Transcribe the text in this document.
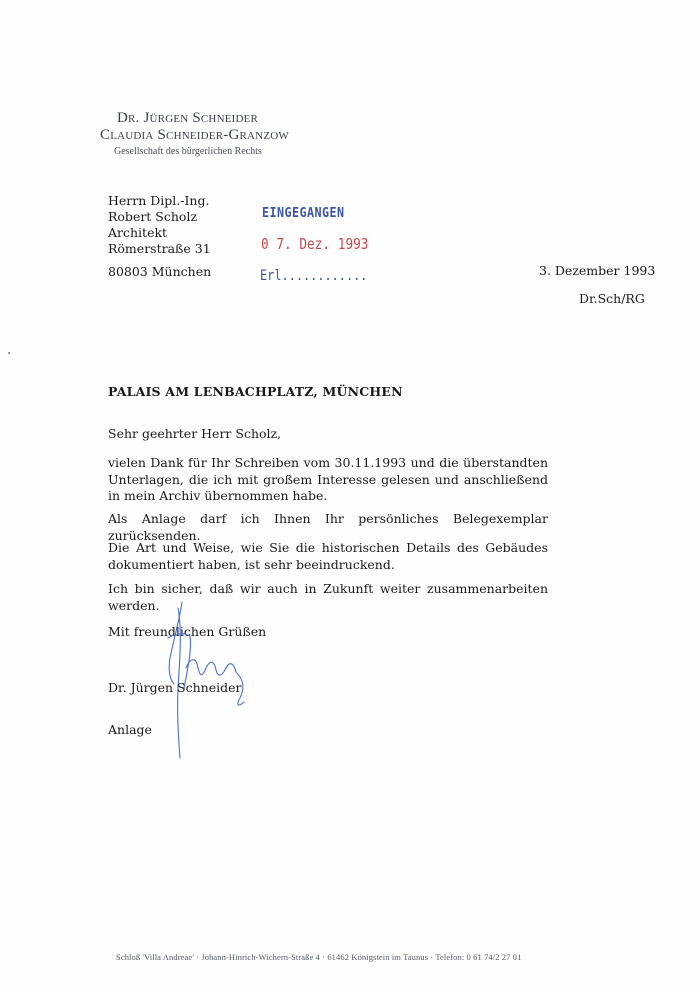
Dr. Jürgen Schneider
Claudia Schneider-Granzow
Gesellschaft des bürgerlichen Rechts
Herrn Dipl.-Ing.
Robert Scholz
Architekt
Römerstraße 31
80803 München
EINGEGANGEN
0 7. Dez. 1993
Erl............	3. Dezember 1993
Dr.Sch/RG
PALAIS AM LENBACHPLATZ, MÜNCHEN
Sehr geehrter Herr Scholz,
vielen Dank für Ihr Schreiben vom 30.11.1993 und die überstandten Unterlagen, die ich mit großem Interesse gelesen und anschließend in mein Archiv übernommen habe.
Als Anlage darf ich Ihnen Ihr persönliches Belegexemplar zurücksenden.
Die Art und Weise, wie Sie die historischen Details des Gebäudes dokumentiert haben, ist sehr beeindruckend.
Ich bin sicher, daß wir auch in Zukunft weiter zusammenarbeiten werden.
Mit freundlichen Grüßen
Dr. Jürgen Schneider
Anlage
Schloß 'Villa Andreae' · Johann-Hinrich-Wichern-Straße 4 · 61462 Königstein im Taunus · Telefon: 0 61 74/2 27 01
